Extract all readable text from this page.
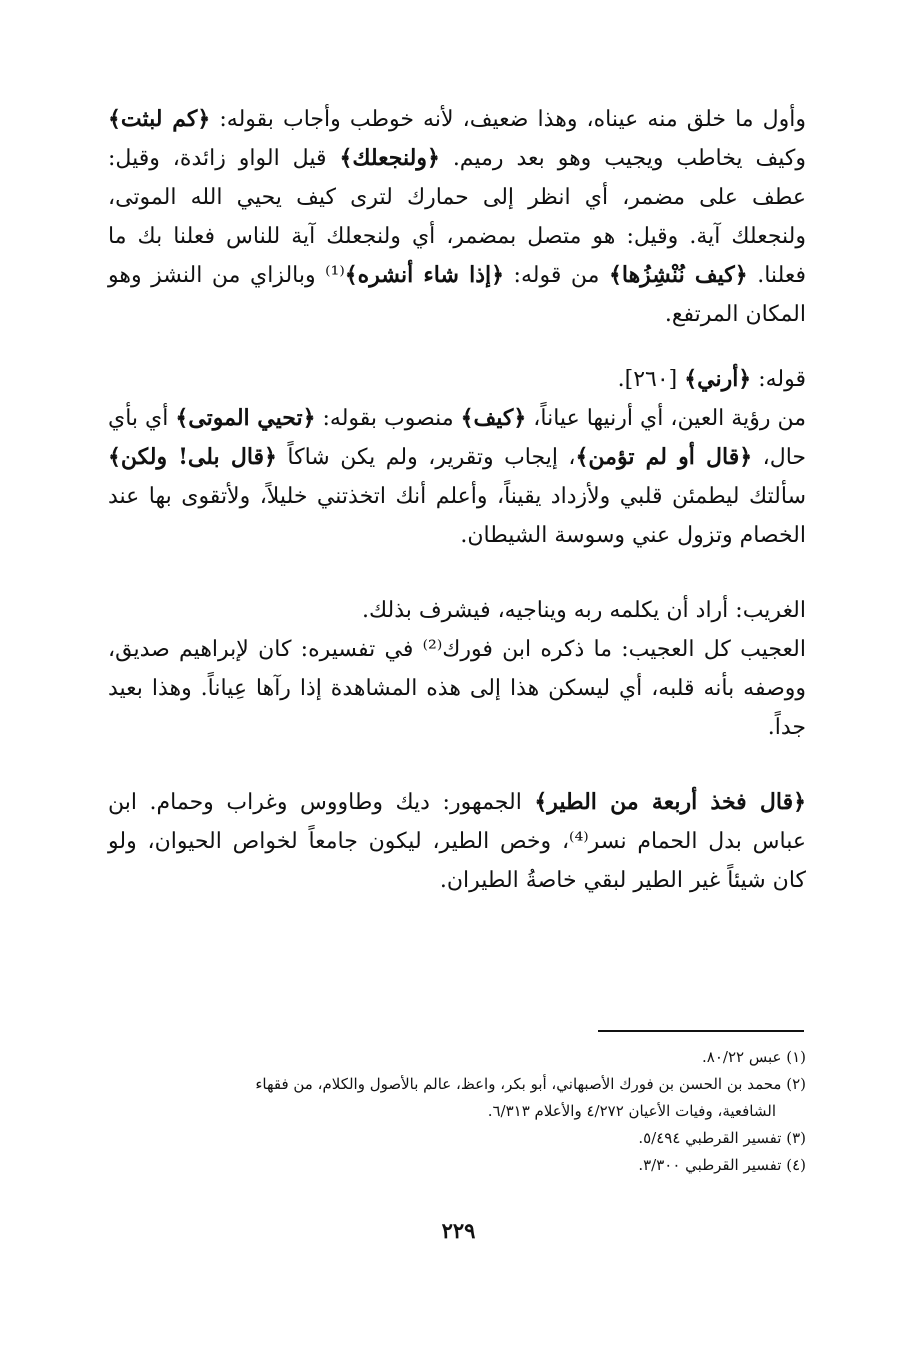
وأول ما خلق منه عيناه، وهذا ضعيف، لأنه خوطب وأجاب بقوله: ﴿كم لبثت﴾ وكيف يخاطب ويجيب وهو بعد رميم. ﴿ولنجعلك﴾ قيل الواو زائدة، وقيل: عطف على مضمر، أي انظر إلى حمارك لترى كيف يحيي الله الموتى، ولنجعلك آية. وقيل: هو متصل بمضمر، أي ولنجعلك آية للناس فعلنا بك ما فعلنا. ﴿كيف نُنْشِزُها﴾ من قوله: ﴿إذا شاء أنشره﴾⁽¹⁾ وبالزاي من النشز وهو المكان المرتفع.

قوله: ﴿أرني﴾ [٢٦٠].

من رؤية العين، أي أرنيها عياناً، ﴿كيف﴾ منصوب بقوله: ﴿تحيي الموتى﴾ أي بأي حال، ﴿قال أو لم تؤمن﴾، إيجاب وتقرير، ولم يكن شاكاً ﴿قال بلى! ولكن﴾ سألتك ليطمئن قلبي ولأزداد يقيناً، وأعلم أنك اتخذتني خليلاً، ولأتقوى بها عند الخصام وتزول عني وسوسة الشيطان.

الغريب: أراد أن يكلمه ربه ويناجيه، فيشرف بذلك.

العجيب كل العجيب: ما ذكره ابن فورك⁽²⁾ في تفسيره: كان لإبراهيم صديق، ووصفه بأنه قلبه، أي ليسكن هذا إلى هذه المشاهدة إذا رآها عِياناً. وهذا بعيد جداً.

﴿قال فخذ أربعة من الطير﴾ الجمهور: ديك وطاووس وغراب وحمام. ابن عباس بدل الحمام نسر⁽⁴⁾، وخص الطير، ليكون جامعاً لخواص الحيوان، ولو كان شيئاً غير الطير لبقي خاصةُ الطيران.

(١) عبس ٨٠/٢٢.

(٢) محمد بن الحسن بن فورك الأصبهاني، أبو بكر، واعظ، عالم بالأصول والكلام، من فقهاء

الشافعية، وفيات الأعيان ٤/٢٧٢ والأعلام ٦/٣١٣.

(٣) تفسير القرطبي ٥/٤٩٤.

(٤) تفسير القرطبي ٣/٣٠٠.

٢٢٩
